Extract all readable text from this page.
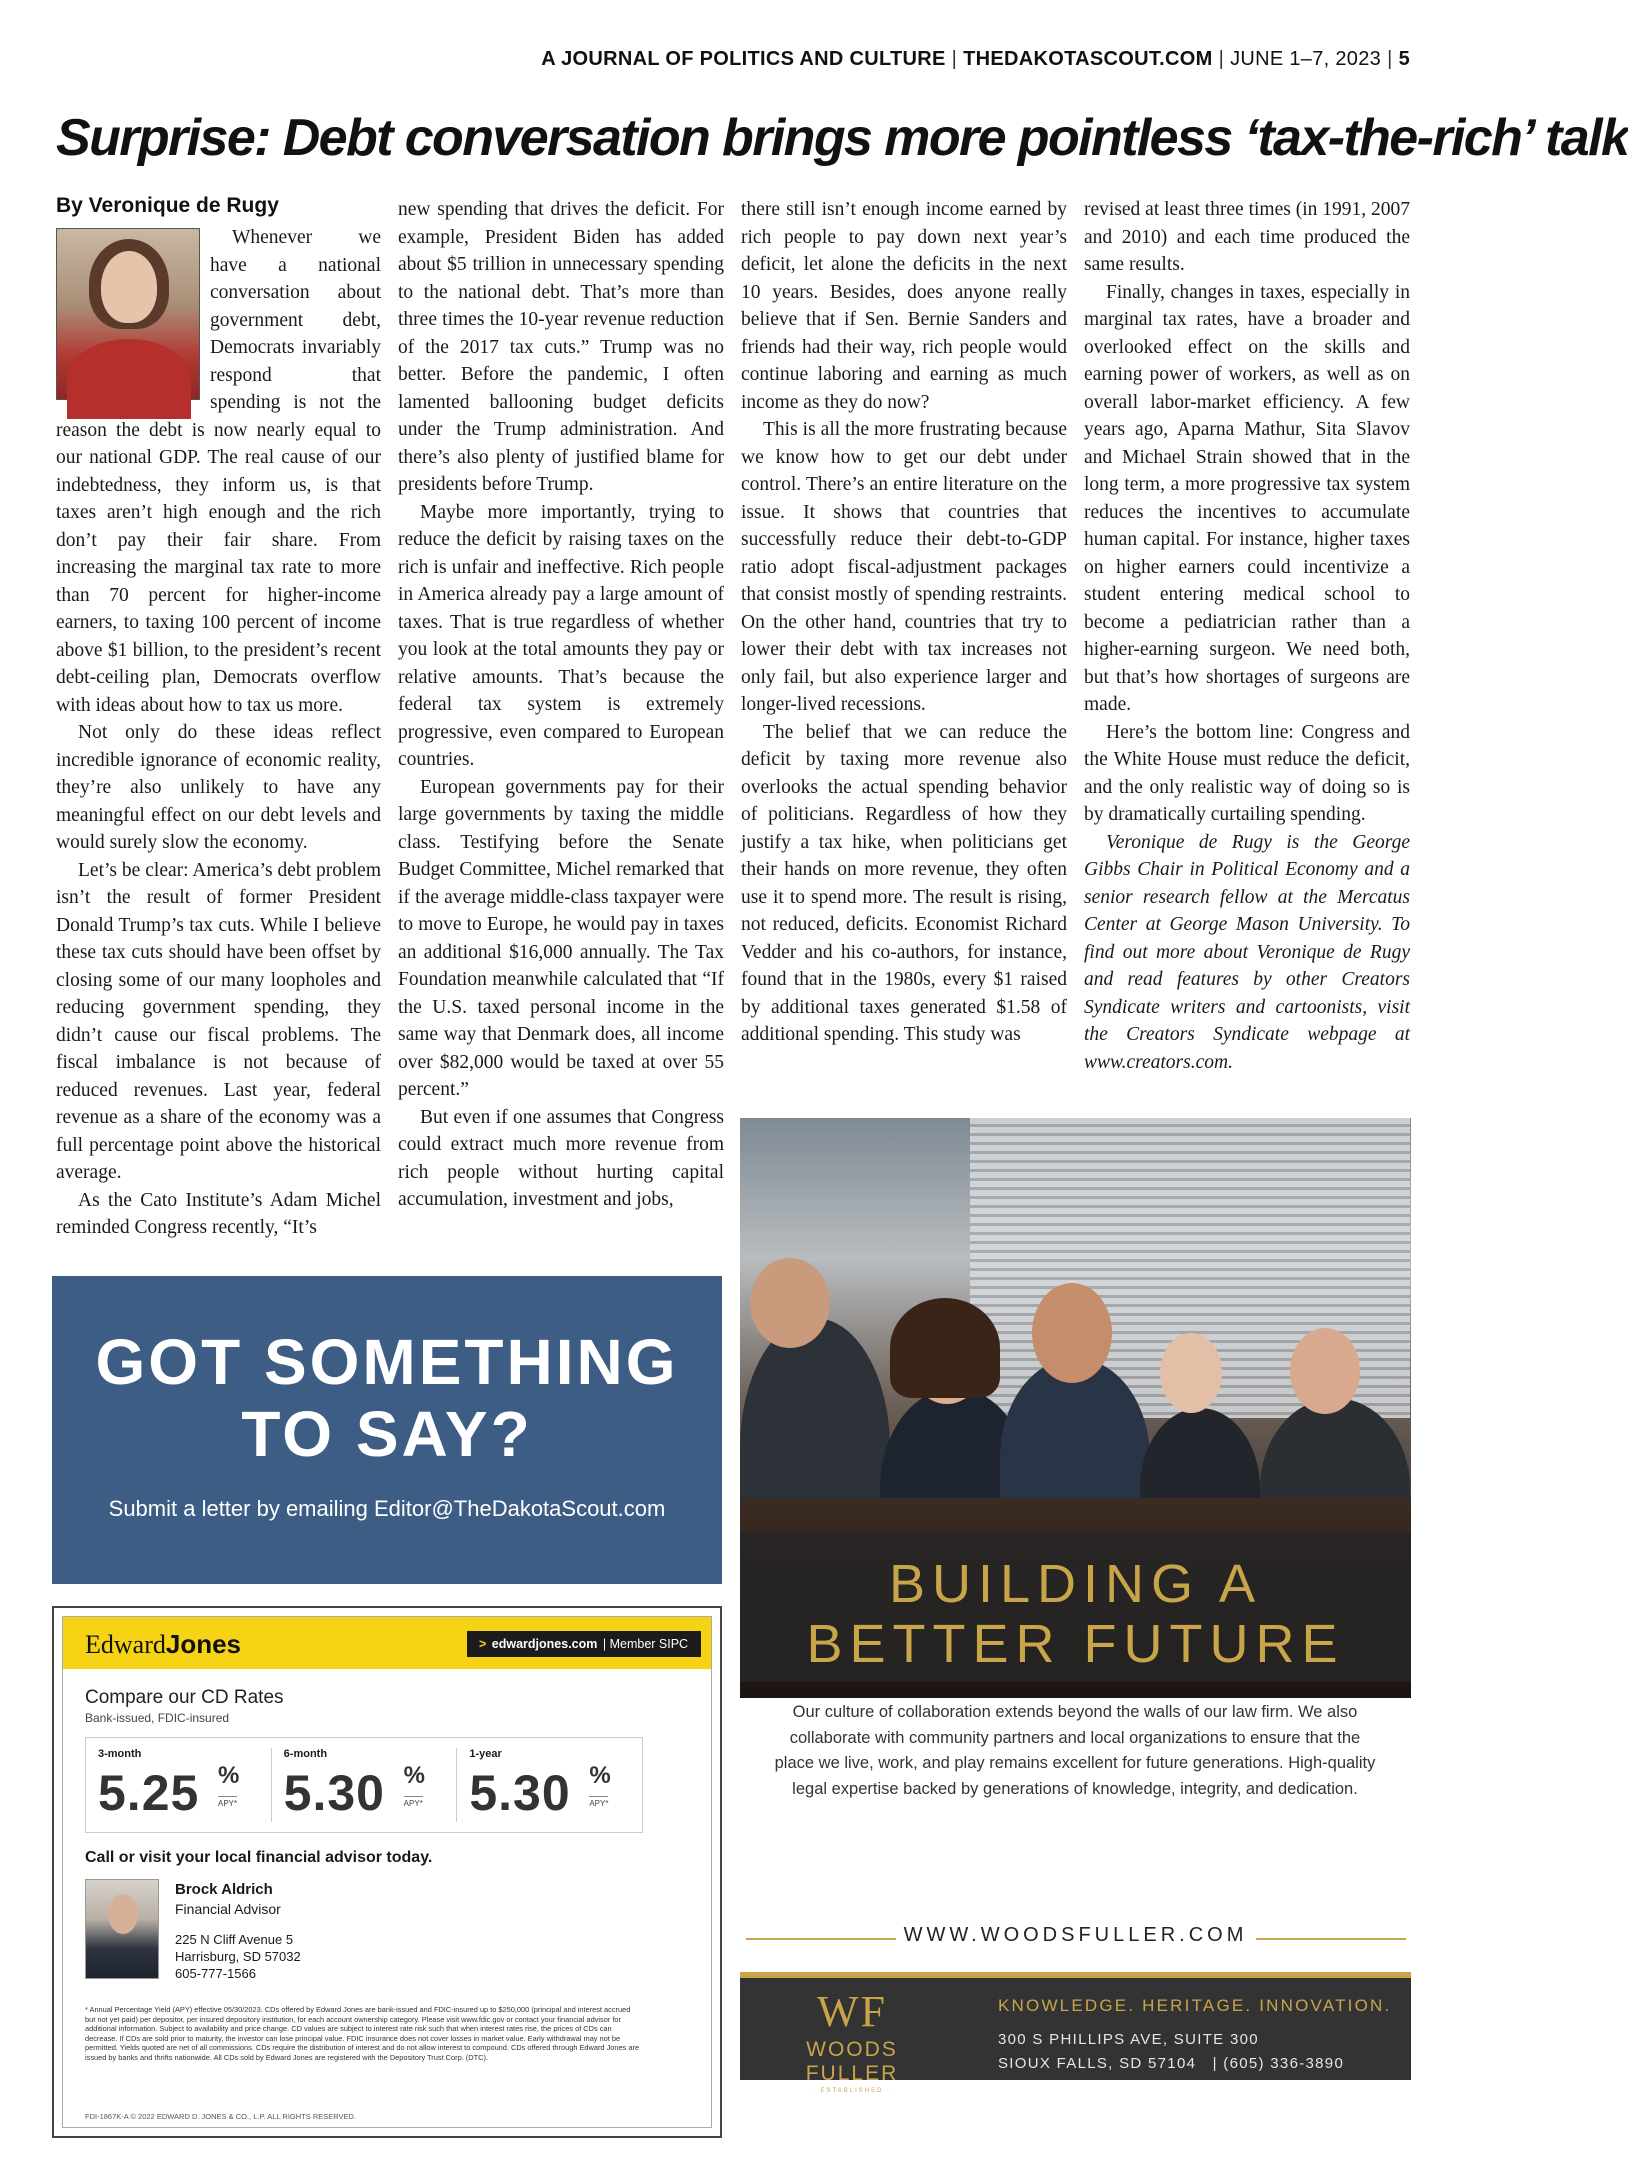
A JOURNAL OF POLITICS AND CULTURE | THEDAKOTASCOUT.COM | JUNE 1–7, 2023 | 5
Surprise: Debt conversation brings more pointless ‘tax-the-rich’ talk
By Veronique de Rugy

Whenever we have a national conversation about government debt, Democrats invariably respond that spending is not the reason the debt is now nearly equal to our national GDP. The real cause of our indebtedness, they inform us, is that taxes aren’t high enough and the rich don’t pay their fair share. From increasing the marginal tax rate to more than 70 percent for higher-income earners, to taxing 100 percent of income above $1 billion, to the president’s recent debt-ceiling plan, Democrats overflow with ideas about how to tax us more.

Not only do these ideas reflect incredible ignorance of economic reality, they’re also unlikely to have any meaningful effect on our debt levels and would surely slow the economy.

Let’s be clear: America’s debt problem isn’t the result of former President Donald Trump’s tax cuts. While I believe these tax cuts should have been offset by closing some of our many loopholes and reducing government spending, they didn’t cause our fiscal problems. The fiscal imbalance is not because of reduced revenues. Last year, federal revenue as a share of the economy was a full percentage point above the historical average.

As the Cato Institute’s Adam Michel reminded Congress recently, “It’s

new spending that drives the deficit. For example, President Biden has added about $5 trillion in unnecessary spending to the national debt. That’s more than three times the 10-year revenue reduction of the 2017 tax cuts.” Trump was no better. Before the pandemic, I often lamented ballooning budget deficits under the Trump administration. And there’s also plenty of justified blame for presidents before Trump.

Maybe more importantly, trying to reduce the deficit by raising taxes on the rich is unfair and ineffective. Rich people in America already pay a large amount of taxes. That is true regardless of whether you look at the total amounts they pay or relative amounts. That’s because the federal tax system is extremely progressive, even compared to European countries.

European governments pay for their large governments by taxing the middle class. Testifying before the Senate Budget Committee, Michel remarked that if the average middle-class taxpayer were to move to Europe, he would pay in taxes an additional $16,000 annually. The Tax Foundation meanwhile calculated that “If the U.S. taxed personal income in the same way that Denmark does, all income over $82,000 would be taxed at over 55 percent.”

But even if one assumes that Congress could extract much more revenue from rich people without hurting capital accumulation, investment and jobs,

there still isn’t enough income earned by rich people to pay down next year’s deficit, let alone the deficits in the next 10 years. Besides, does anyone really believe that if Sen. Bernie Sanders and friends had their way, rich people would continue laboring and earning as much income as they do now?

This is all the more frustrating because we know how to get our debt under control. There’s an entire literature on the issue. It shows that countries that successfully reduce their debt-to-GDP ratio adopt fiscal-adjustment packages that consist mostly of spending restraints. On the other hand, countries that try to lower their debt with tax increases not only fail, but also experience larger and longer-lived recessions.

The belief that we can reduce the deficit by taxing more revenue also overlooks the actual spending behavior of politicians. Regardless of how they justify a tax hike, when politicians get their hands on more revenue, they often use it to spend more. The result is rising, not reduced, deficits. Economist Richard Vedder and his co-authors, for instance, found that in the 1980s, every $1 raised by additional taxes generated $1.58 of additional spending. This study was

revised at least three times (in 1991, 2007 and 2010) and each time produced the same results.

Finally, changes in taxes, especially in marginal tax rates, have a broader and overlooked effect on the skills and earning power of workers, as well as on overall labor-market efficiency. A few years ago, Aparna Mathur, Sita Slavov and Michael Strain showed that in the long term, a more progressive tax system reduces the incentives to accumulate human capital. For instance, higher taxes on higher earners could incentivize a student entering medical school to become a pediatrician rather than a higher-earning surgeon. We need both, but that’s how shortages of surgeons are made.

Here’s the bottom line: Congress and the White House must reduce the deficit, and the only realistic way of doing so is by dramatically curtailing spending.

Veronique de Rugy is the George Gibbs Chair in Political Economy and a senior research fellow at the Mercatus Center at George Mason University. To find out more about Veronique de Rugy and read features by other Creators Syndicate writers and cartoonists, visit the Creators Syndicate webpage at www.creators.com.

GOT SOMETHING
TO SAY?
Submit a letter by emailing Editor@TheDakotaScout.com
EdwardJones	> edwardjones.com | Member SIPC
Compare our CD Rates
Bank-issued, FDIC-insured
3-month
5.25 %
APY*
6-month
5.30 %
APY*
1-year
5.30 %
APY*
Call or visit your local financial advisor today.
Brock Aldrich
Financial Advisor
225 N Cliff Avenue 5
Harrisburg, SD 57032
605-777-1566
* Annual Percentage Yield (APY) effective 05/30/2023. CDs offered by Edward Jones are bank-issued and FDIC-insured up to $250,000 (principal and interest accrued but not yet paid) per depositor, per insured depository institution, for each account ownership category. Please visit www.fdic.gov or contact your financial advisor for additional information. Subject to availability and price change. CD values are subject to interest rate risk such that when interest rates rise, the prices of CDs can decrease. If CDs are sold prior to maturity, the investor can lose principal value. FDIC insurance does not cover losses in market value. Early withdrawal may not be permitted. Yields quoted are net of all commissions. CDs require the distribution of interest and do not allow interest to compound. CDs offered through Edward Jones are issued by banks and thrifts nationwide. All CDs sold by Edward Jones are registered with the Depository Trust Corp. (DTC).
FDI-1867K-A © 2022 EDWARD D. JONES & CO., L.P. ALL RIGHTS RESERVED.
BUILDING A
BETTER FUTURE
Our culture of collaboration extends beyond the walls of our law firm. We also collaborate with community partners and local organizations to ensure that the place we live, work, and play remains excellent for future generations. High-quality legal expertise backed by generations of knowledge, integrity, and dedication.
WWW.WOODSFULLER.COM
WF
WOODS FULLER
· ESTABLISHED ·
KNOWLEDGE. HERITAGE. INNOVATION.
300 S PHILLIPS AVE, SUITE 300
SIOUX FALLS, SD 57104 | (605) 336-3890
